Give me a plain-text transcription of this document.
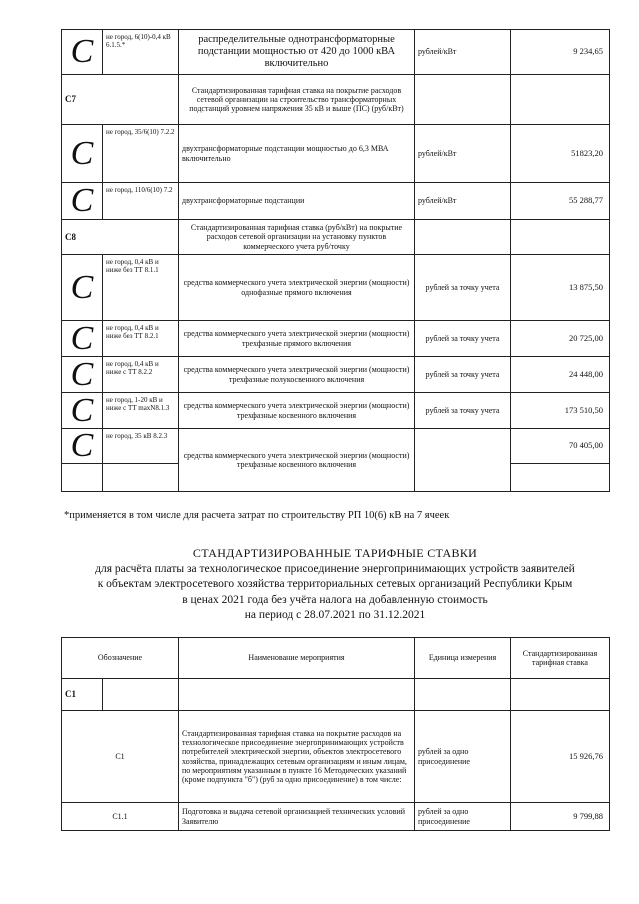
C	не город, 6(10)-0,4 кВ 6.1.5.*	распределительные однотрансформаторные подстанции мощностью от 420 до 1000 кВА включительно	рублей/кВт	9 234,65
С7		Стандартизированная тарифная ставка на покрытие расходов сетевой организации на строительство трансформаторных подстанций уровнем напряжения 35 кВ и выше (ПС) (руб/кВт)		
C	не город, 35/6(10) 7.2.2	двухтрансформаторные подстанции мощностью до 6,3 МВА включительно	рублей/кВт	51823,20
C	не город, 110/6(10) 7.2	двухтрансформаторные подстанции	рублей/кВт	55 288,77
С8		Стандартизированная тарифная ставка (руб/кВт) на покрытие расходов сетевой организации на установку пунктов коммерческого учета руб/точку		
C	не город, 0,4 кВ и ниже без ТТ 8.1.1	средства коммерческого учета электрической энергии (мощности) однофазные прямого включения	рублей за точку учета	13 875,50
C	не город, 0,4 кВ и ниже без ТТ 8.2.1	средства коммерческого учета электрической энергии (мощности) трехфазные прямого включения	рублей за точку учета	20 725,00
C	не город, 0,4 кВ и ниже с ТТ 8.2.2	средства коммерческого учета электрической энергии (мощности) трехфазные полукосвенного включения	рублей за точку учета	24 448,00
C	не город, 1-20 кВ и ниже с ТТ maxN8.1.3	средства коммерческого учета электрической энергии (мощности) трехфазные косвенного включения	рублей за точку учета	173 510,50
C	не город, 35 кВ 8.2.3	средства коммерческого учета электрической энергии (мощности) трехфазные косвенного включения		70 405,00

*применяется в том числе для расчета затрат по строительству РП 10(6) кВ на 7 ячеек
СТАНДАРТИЗИРОВАННЫЕ ТАРИФНЫЕ СТАВКИ
для расчёта платы за технологическое присоединение энергопринимающих устройств заявителей
к объектам электросетевого хозяйства территориальных сетевых организаций Республики Крым
в ценах 2021 года без учёта налога на добавленную стоимость
на период с 28.07.2021 по 31.12.2021
Обозначение		Наименование мероприятия	Единица измерения	Стандартизированная тарифная ставка
С1				
С1		Стандартизированная тарифная ставка на покрытие расходов на технологическое присоединение энергопринимающих устройств потребителей электрической энергии, объектов электросетевого хозяйства, принадлежащих сетевым организациям и иным лицам, по мероприятиям указанным в пункте 16 Методических указаний (кроме подпункта "б") (руб за одно присоединение) в том числе:	рублей за одно присоединение	15 926,76
С1.1		Подготовка и выдача сетевой организацией технических условий Заявителю	рублей за одно присоединение	9 799,88
